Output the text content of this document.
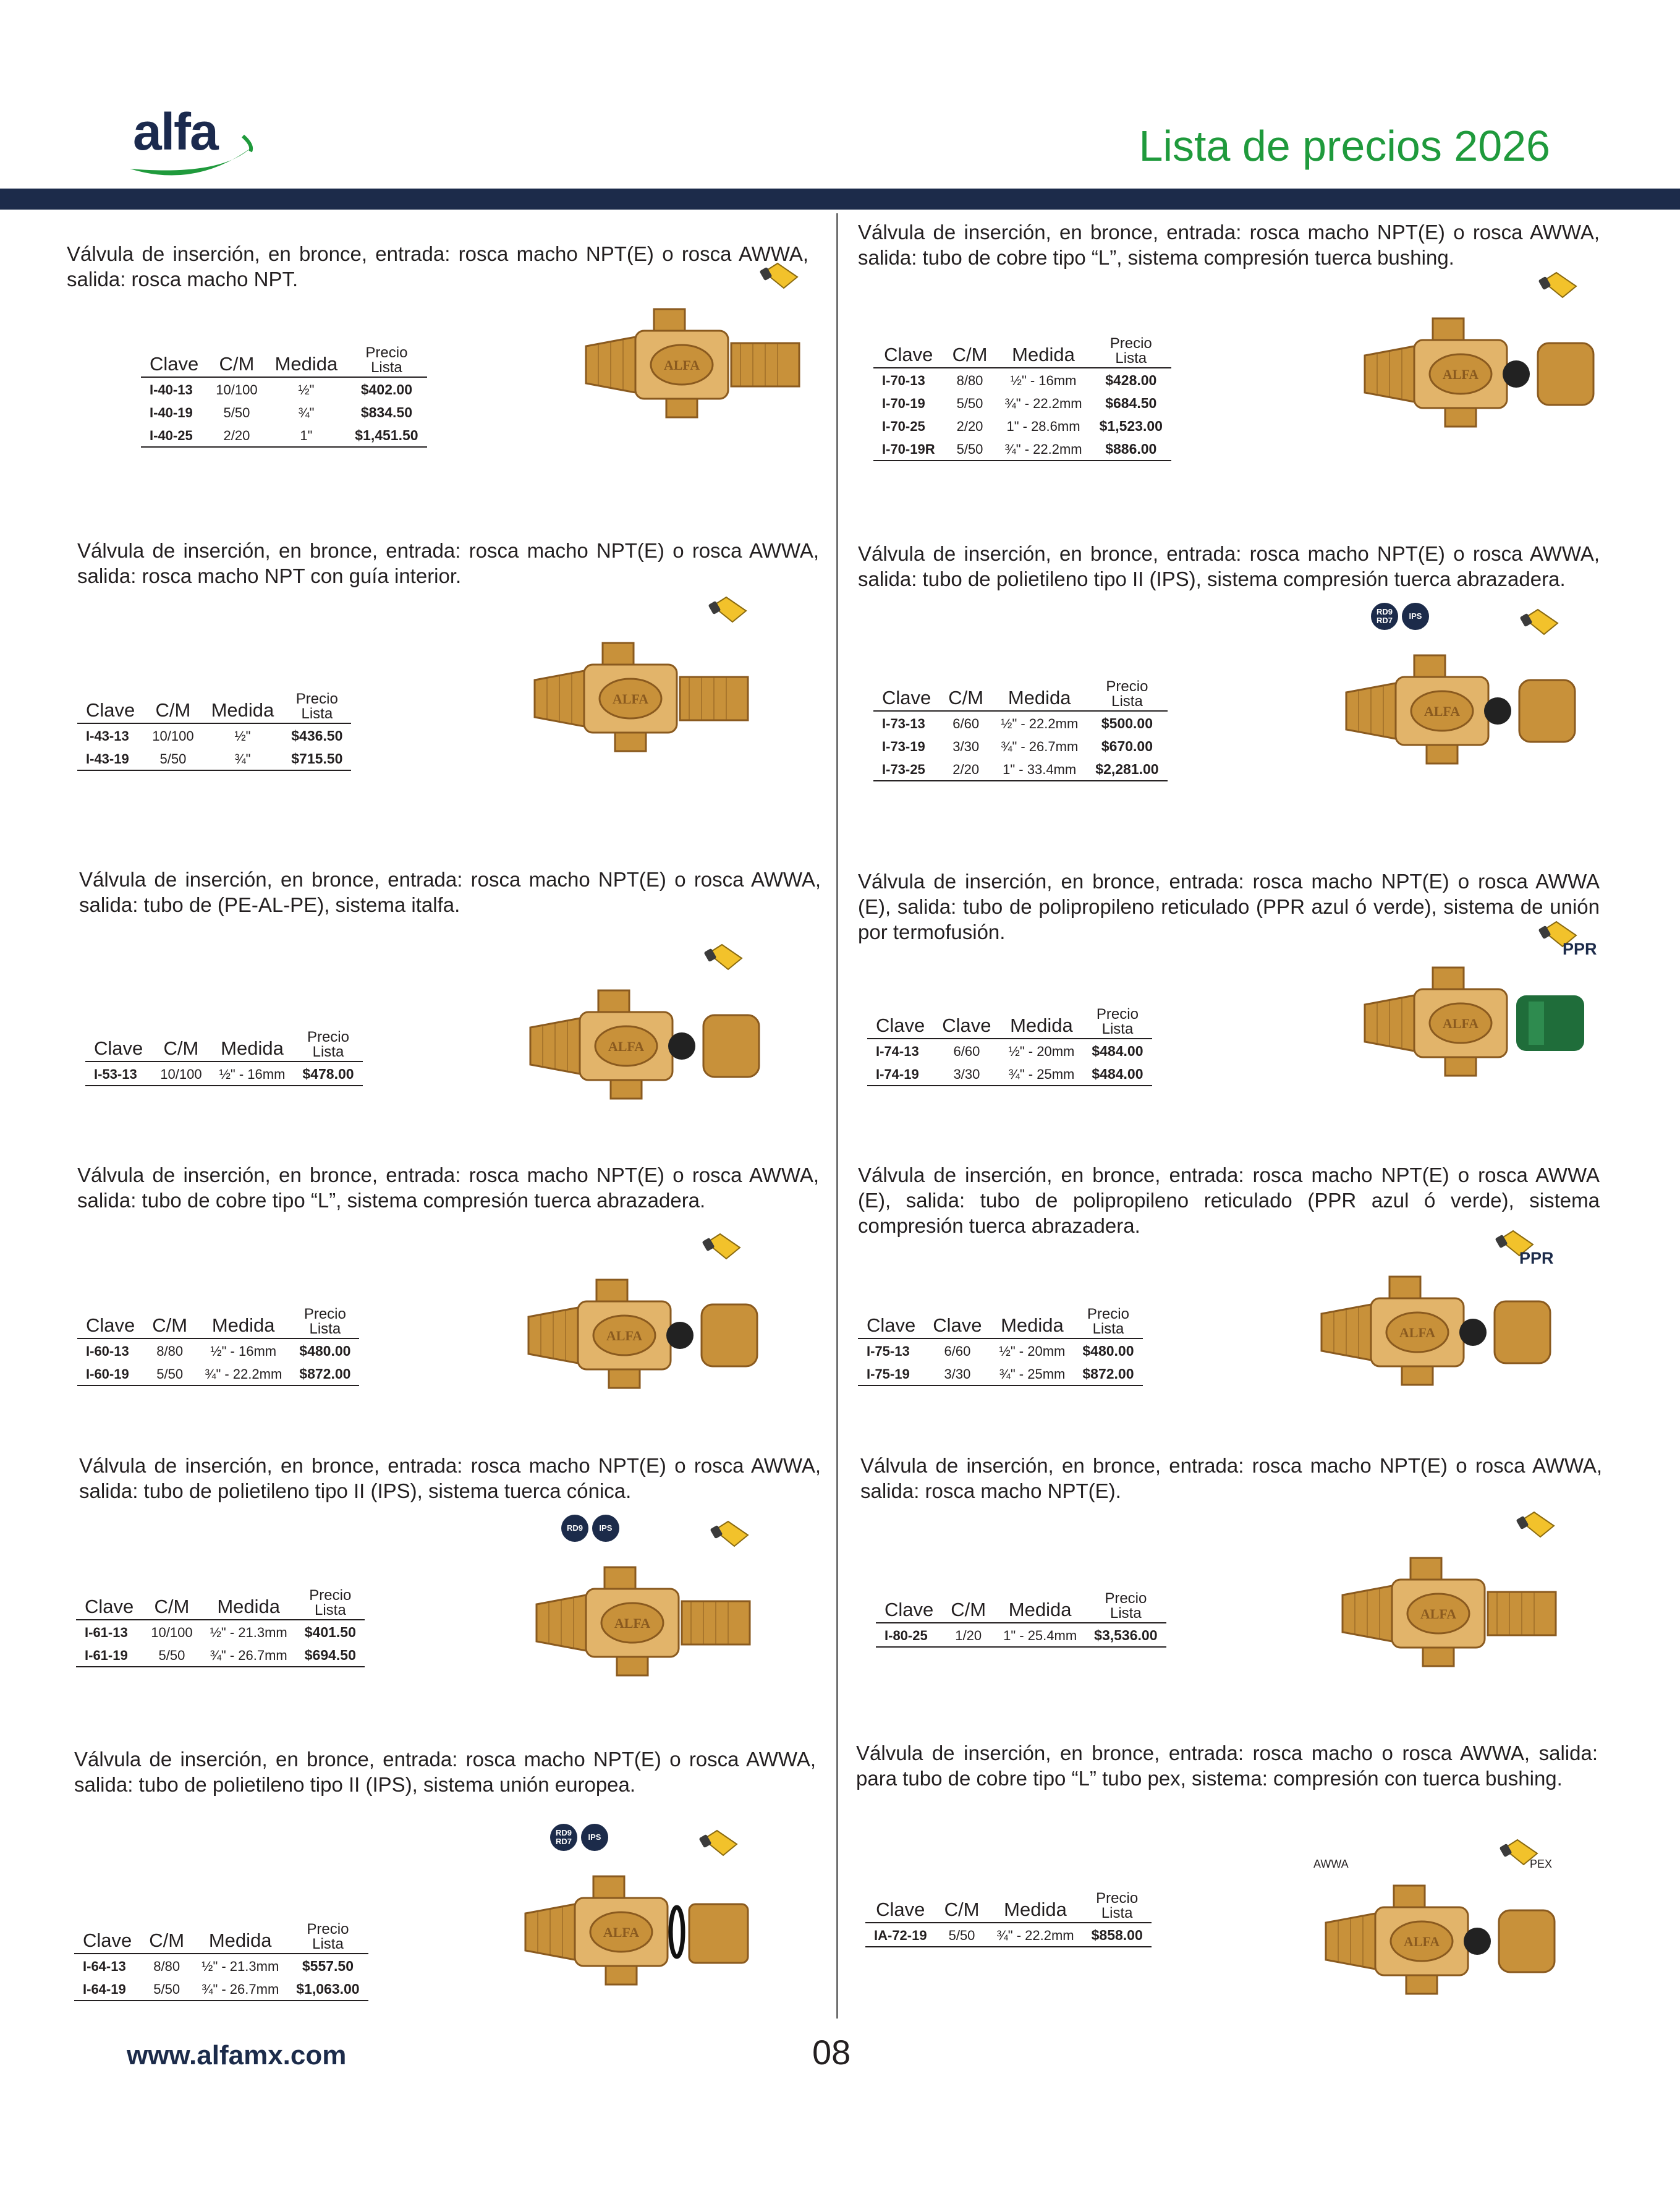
alfa	Lista de precios 2026
Válvula de inserción, en bronce, entrada: rosca macho NPT(E) o rosca AWWA, salida: rosca macho NPT.
Clave	C/M	Medida	Precio
Lista
I-40-13	10/100	½"	$402.00
I-40-19	5/50	¾"	$834.50
I-40-25	2/20	1"	$1,451.50
ALFA
Válvula de inserción, en bronce, entrada: rosca macho NPT(E) o rosca AWWA, salida: tubo de cobre tipo “L”, sistema compresión tuerca bushing.
Clave	C/M	Medida	Precio
Lista
I-70-13	8/80	½" - 16mm	$428.00
I-70-19	5/50	¾" - 22.2mm	$684.50
I-70-25	2/20	1" - 28.6mm	$1,523.00
I-70-19R	5/50	¾" - 22.2mm	$886.00
ALFA
Válvula de inserción, en bronce, entrada: rosca macho NPT(E) o rosca AWWA, salida: rosca macho NPT con guía interior.
Clave	C/M	Medida	Precio
Lista
I-43-13	10/100	½"	$436.50
I-43-19	5/50	¾"	$715.50
ALFA
Válvula de inserción, en bronce, entrada: rosca macho NPT(E) o rosca AWWA, salida: tubo de polietileno tipo II (IPS), sistema compresión tuerca abrazadera.
Clave	C/M	Medida	Precio
Lista
I-73-13	6/60	½" - 22.2mm	$500.00
I-73-19	3/30	¾" - 26.7mm	$670.00
I-73-25	2/20	1" - 33.4mm	$2,281.00
ALFA
RD9
RD7	IPS
Válvula de inserción, en bronce, entrada: rosca macho NPT(E) o rosca AWWA, salida: tubo de (PE-AL-PE), sistema italfa.
Clave	C/M	Medida	Precio
Lista
I-53-13	10/100	½" - 16mm	$478.00
ALFA
Válvula de inserción, en bronce, entrada: rosca macho NPT(E) o rosca AWWA (E), salida: tubo de polipropileno reticulado (PPR azul ó verde), sistema de unión por termofusión.
Clave	Clave	Medida	Precio
Lista
I-74-13	6/60	½" - 20mm	$484.00
I-74-19	3/30	¾" - 25mm	$484.00
ALFA
PPR
Válvula de inserción, en bronce, entrada: rosca macho NPT(E) o rosca AWWA, salida: tubo de cobre tipo “L”, sistema compresión tuerca abrazadera.
Clave	C/M	Medida	Precio
Lista
I-60-13	8/80	½" - 16mm	$480.00
I-60-19	5/50	¾" - 22.2mm	$872.00
ALFA
Válvula de inserción, en bronce, entrada: rosca macho NPT(E) o rosca AWWA (E), salida: tubo de polipropileno reticulado (PPR azul ó verde), sistema compresión tuerca abrazadera.
Clave	Clave	Medida	Precio
Lista
I-75-13	6/60	½" - 20mm	$480.00
I-75-19	3/30	¾" - 25mm	$872.00
ALFA
PPR
Válvula de inserción, en bronce, entrada: rosca macho NPT(E) o rosca AWWA, salida: tubo de polietileno tipo II (IPS), sistema tuerca cónica.
Clave	C/M	Medida	Precio
Lista
I-61-13	10/100	½" - 21.3mm	$401.50
I-61-19	5/50	¾" - 26.7mm	$694.50
ALFA
RD9	IPS
Válvula de inserción, en bronce, entrada: rosca macho NPT(E) o rosca AWWA, salida: rosca macho NPT(E).
Clave	C/M	Medida	Precio
Lista
I-80-25	1/20	1" - 25.4mm	$3,536.00
ALFA
Válvula de inserción, en bronce, entrada: rosca macho NPT(E) o rosca AWWA, salida: tubo de polietileno tipo II (IPS), sistema unión europea.
Clave	C/M	Medida	Precio
Lista
I-64-13	8/80	½" - 21.3mm	$557.50
I-64-19	5/50	¾" - 26.7mm	$1,063.00
ALFA
RD9
RD7	IPS
Válvula de inserción, en bronce, entrada: rosca macho o rosca AWWA, salida: para tubo de cobre tipo “L” tubo pex, sistema: compresión con tuerca bushing.
Clave	C/M	Medida	Precio
Lista
IA-72-19	5/50	¾" - 22.2mm	$858.00	ALFA
AWWA	PEX
www.alfamx.com	08
